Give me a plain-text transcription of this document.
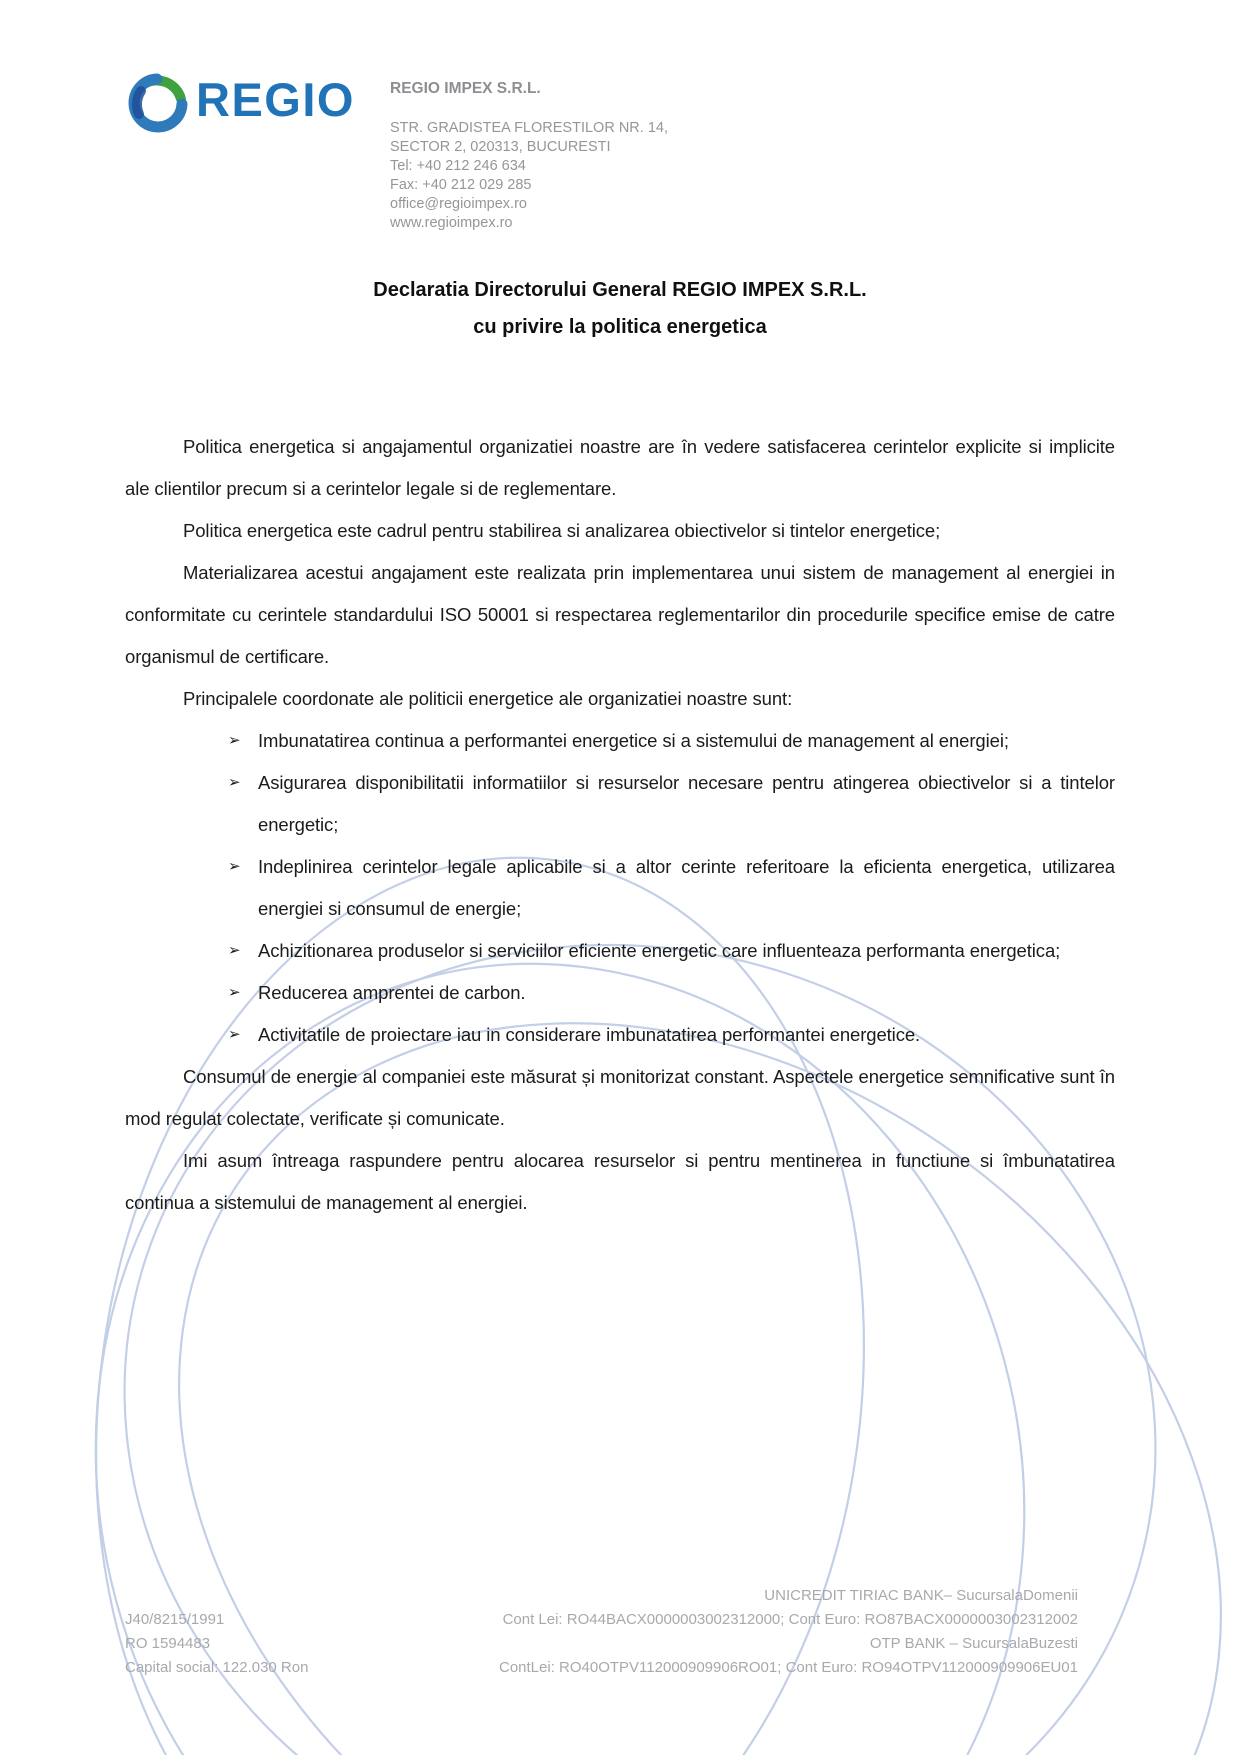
REGIO REGIO IMPEX S.R.L.
STR. GRADISTEA FLORESTILOR NR. 14,
SECTOR 2, 020313, BUCURESTI
Tel: +40 212 246 634
Fax: +40 212 029 285
office@regioimpex.ro
www.regioimpex.ro
Declaratia Directorului General REGIO IMPEX S.R.L.
cu privire la politica energetica

Politica energetica si angajamentul organizatiei noastre are în vedere satisfacerea cerintelor explicite si implicite ale clientilor precum si a cerintelor legale si de reglementare.

Politica energetica este cadrul pentru stabilirea si analizarea obiectivelor si tintelor energetice;

Materializarea acestui angajament este realizata prin implementarea unui sistem de management al energiei in conformitate cu cerintele standardului ISO 50001 si respectarea reglementarilor din procedurile specifice emise de catre organismul de certificare.

Principalele coordonate ale politicii energetice ale organizatiei noastre sunt:

➢ Imbunatatirea continua a performantei energetice si a sistemului de management al energiei;
➢ Asigurarea disponibilitatii informatiilor si resurselor necesare pentru atingerea obiectivelor si a tintelor energetic;
➢ Indeplinirea cerintelor legale aplicabile si a altor cerinte referitoare la eficienta energetica, utilizarea energiei si consumul de energie;
➢ Achizitionarea produselor si serviciilor eficiente energetic care influenteaza performanta energetica;
➢ Reducerea amprentei de carbon.
➢ Activitatile de proiectare iau in considerare imbunatatirea performantei energetice.

Consumul de energie al companiei este măsurat și monitorizat constant. Aspectele energetice semnificative sunt în mod regulat colectate, verificate și comunicate.

Imi asum întreaga raspundere pentru alocarea resurselor si pentru mentinerea in functiune si îmbunatatirea continua a sistemului de management al energiei.

J40/8215/1991
RO 1594483
Capital social: 122.030 Ron
UNICREDIT TIRIAC BANK– SucursalaDomenii
Cont Lei: RO44BACX0000003002312000; Cont Euro: RO87BACX0000003002312002
OTP BANK – SucursalaBuzesti
ContLei: RO40OTPV112000909906RO01; Cont Euro: RO94OTPV112000909906EU01
